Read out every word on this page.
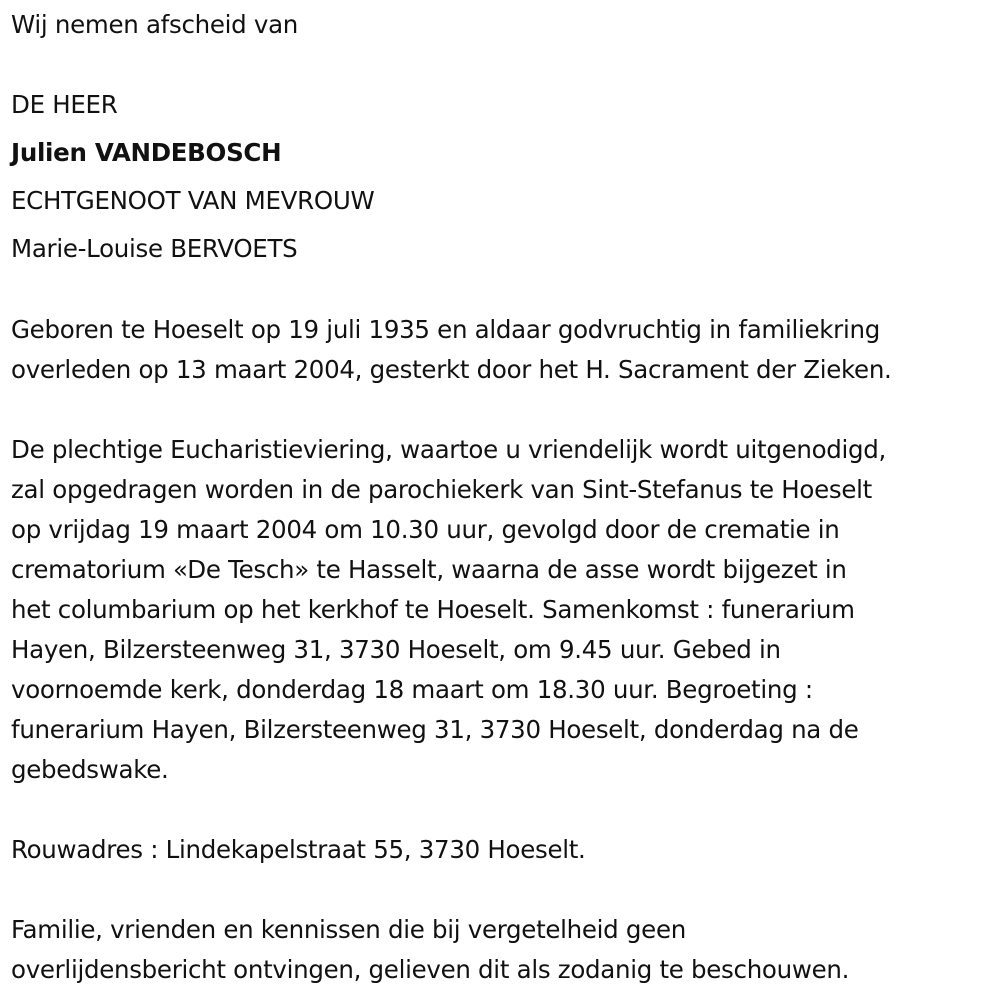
Wij nemen afscheid van
DE HEER
Julien VANDEBOSCH
ECHTGENOOT VAN MEVROUW
Marie-Louise BERVOETS
Geboren te Hoeselt op 19 juli 1935 en aldaar godvruchtig in familiekring
overleden op 13 maart 2004, gesterkt door het H. Sacrament der Zieken.
De plechtige Eucharistieviering, waartoe u vriendelijk wordt uitgenodigd,
zal opgedragen worden in de parochiekerk van Sint-Stefanus te Hoeselt
op vrijdag 19 maart 2004 om 10.30 uur, gevolgd door de crematie in
crematorium «De Tesch» te Hasselt, waarna de asse wordt bijgezet in
het columbarium op het kerkhof te Hoeselt. Samenkomst : funerarium
Hayen, Bilzersteenweg 31, 3730 Hoeselt, om 9.45 uur. Gebed in
voornoemde kerk, donderdag 18 maart om 18.30 uur. Begroeting :
funerarium Hayen, Bilzersteenweg 31, 3730 Hoeselt, donderdag na de
gebedswake.
Rouwadres : Lindekapelstraat 55, 3730 Hoeselt.
Familie, vrienden en kennissen die bij vergetelheid geen
overlijdensbericht ontvingen, gelieven dit als zodanig te beschouwen.
